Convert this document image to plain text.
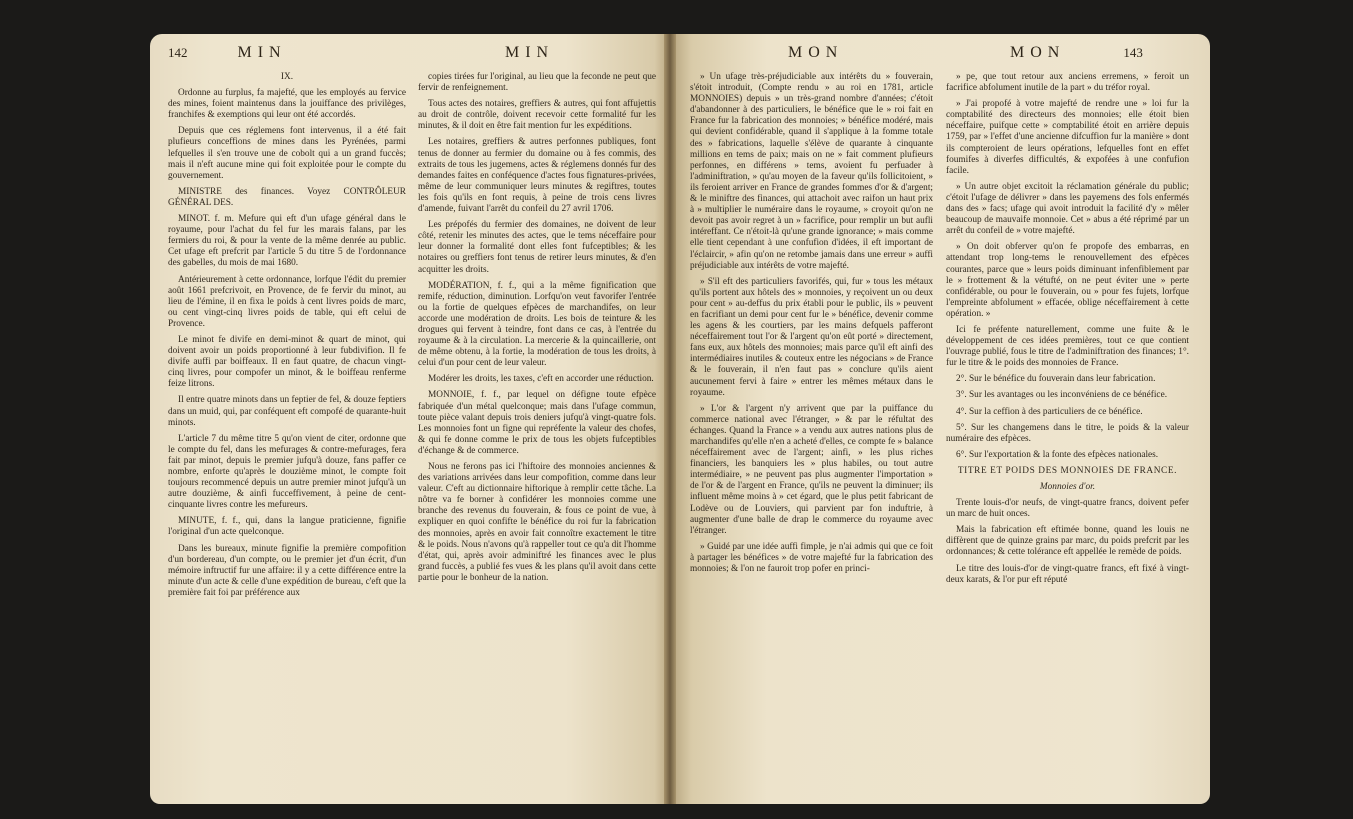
142	MIN	MIN	MON	MON	143

IX.

Ordonne au furplus, fa majefté, que les employés au fervice des mines, foient maintenus dans la jouiffance des privilèges, franchifes & exemptions qui leur ont été accordés.

Depuis que ces réglemens font intervenus, il a été fait plufieurs conceffions de mines dans les Pyrénées, parmi lefquelles il s'en trouve une de cobolt qui a un grand fuccès; mais il n'eft aucune mine qui foit exploitée pour le compte du gouvernement.

MINISTRE des finances. Voyez CONTRÔLEUR GÉNÉRAL DES.

MINOT. f. m. Mefure qui eft d'un ufage général dans le royaume, pour l'achat du fel fur les marais falans, par les fermiers du roi, & pour la vente de la même denrée au public. Cet ufage eft prefcrit par l'article 5 du titre 5 de l'ordonnance des gabelles, du mois de mai 1680.

Antérieurement à cette ordonnance, lorfque l'édit du premier août 1661 prefcrivoit, en Provence, de fe fervir du minot, au lieu de l'émine, il en fixa le poids à cent livres poids de marc, ou cent vingt-cinq livres poids de table, qui eft celui de Provence.

Le minot fe divife en demi-minot & quart de minot, qui doivent avoir un poids proportionné à leur fubdivifion. Il fe divife auffi par boiffeaux. Il en faut quatre, de chacun vingt-cinq livres, pour compofer un minot, & le boiffeau renferme feize litrons.

Il entre quatre minots dans un feptier de fel, & douze feptiers dans un muid, qui, par conféquent eft compofé de quarante-huit minots.

L'article 7 du même titre 5 qu'on vient de citer, ordonne que le compte du fel, dans les mefurages & contre-mefurages, fera fait par minot, depuis le premier jufqu'à douze, fans paffer ce nombre, enforte qu'après le douzième minot, le compte foit toujours recommencé depuis un autre premier minot jufqu'à un autre douzième, & ainfi fucceffivement, à peine de cent-cinquante livres contre les mefureurs.

MINUTE, f. f., qui, dans la langue praticienne, fignifie l'original d'un acte quelconque.

Dans les bureaux, minute fignifie la première compofition d'un bordereau, d'un compte, ou le premier jet d'un écrit, d'un mémoire inftructif fur une affaire: il y a cette différence entre la minute d'un acte & celle d'une expédition de bureau, c'eft que la première fait foi par préférence aux

copies tirées fur l'original, au lieu que la feconde ne peut que fervir de renfeignement.

Tous actes des notaires, greffiers & autres, qui font affujettis au droit de contrôle, doivent recevoir cette formalité fur les minutes, & il doit en être fait mention fur les expéditions.

Les notaires, greffiers & autres perfonnes publiques, font tenus de donner au fermier du domaine ou à fes commis, des extraits de tous les jugemens, actes & réglemens donnés fur des demandes faites en conféquence d'actes fous fignatures-privées, même de leur communiquer leurs minutes & regiftres, toutes les fois qu'ils en font requis, à peine de trois cens livres d'amende, fuivant l'arrêt du confeil du 27 avril 1706.

Les prépofés du fermier des domaines, ne doivent de leur côté, retenir les minutes des actes, que le tems néceffaire pour leur donner la formalité dont elles font fufceptibles; & les notaires ou greffiers font tenus de retirer leurs minutes, & d'en acquitter les droits.

MODÉRATION, f. f., qui a la même fignification que remife, réduction, diminution. Lorfqu'on veut favorifer l'entrée ou la fortie de quelques efpèces de marchandifes, on leur accorde une modération de droits. Les bois de teinture & les drogues qui fervent à teindre, font dans ce cas, à l'entrée du royaume & à la circulation. La mercerie & la quincaillerie, ont de même obtenu, à la fortie, la modération de tous les droits, à celui d'un pour cent de leur valeur.

Modérer les droits, les taxes, c'eft en accorder une réduction.

MONNOIE, f. f., par lequel on défigne toute efpèce fabriquée d'un métal quelconque; mais dans l'ufage commun, toute pièce valant depuis trois deniers jufqu'à vingt-quatre fols. Les monnoies font un figne qui repréfente la valeur des chofes, & qui fe donne comme le prix de tous les objets fufceptibles d'échange & de commerce.

Nous ne ferons pas ici l'hiftoire des monnoies anciennes & des variations arrivées dans leur compofition, comme dans leur valeur. C'eft au dictionnaire hiftorique à remplir cette tâche. La nôtre va fe borner à confidérer les monnoies comme une branche des revenus du fouverain, & fous ce point de vue, à expliquer en quoi confifte le bénéfice du roi fur la fabrication des monnoies, après en avoir fait connoître exactement le titre & le poids. Nous n'avons qu'à rappeller tout ce qu'a dit l'homme d'état, qui, après avoir adminiftré les finances avec le plus grand fuccès, a publié fes vues & les plans qu'il avoit dans cette partie pour le bonheur de la nation.

» Un ufage très-préjudiciable aux intérêts du » fouverain, s'étoit introduit, (Compte rendu » au roi en 1781, article MONNOIES) depuis » un très-grand nombre d'années; c'étoit d'abandonner à des particuliers, le bénéfice que le » roi fait en France fur la fabrication des monnoies; » bénéfice modéré, mais qui devient confidérable, quand il s'applique à la fomme totale des » fabrications, laquelle s'élève de quarante à cinquante millions en tems de paix; mais on ne » fait comment plufieurs perfonnes, en différens » tems, avoient fu perfuader à l'adminiftration, » qu'au moyen de la faveur qu'ils follicitoient, » ils feroient arriver en France de grandes fommes d'or & d'argent; & le miniftre des finances, qui attachoit avec raifon un haut prix à » multiplier le numéraire dans le royaume, » croyoit qu'on ne devoit pas avoir regret à un » facrifice, pour remplir un but aufli intéreffant. Ce n'étoit-là qu'une grande ignorance; » mais comme elle tient cependant à une confufion d'idées, il eft important de l'éclaircir, » afin qu'on ne retombe jamais dans une erreur » auffi préjudiciable aux intérêts de votre majefté.

» S'il eft des particuliers favorifés, qui, fur » tous les métaux qu'ils portent aux hôtels des » monnoies, y reçoivent un ou deux pour cent » au-deffus du prix établi pour le public, ils » peuvent en facrifiant un demi pour cent fur le » bénéfice, devenir comme les agens & les courtiers, par les mains defquels pafferont néceffairement tout l'or & l'argent qu'on eût porté » directement, fans eux, aux hôtels des monnoies; mais parce qu'il eft ainfi des intermédiaires inutiles & couteux entre les négocians » de France & le fouverain, il n'en faut pas » conclure qu'ils aient aucunement fervi à faire » entrer les mêmes métaux dans le royaume.

» L'or & l'argent n'y arrivent que par la puiffance du commerce national avec l'étranger, » & par le réfultat des échanges. Quand la France » a vendu aux autres nations plus de marchandifes qu'elle n'en a acheté d'elles, ce compte fe » balance néceffairement avec de l'argent; ainfi, » les plus riches financiers, les banquiers les » plus habiles, ou tout autre intermédiaire, » ne peuvent pas plus augmenter l'importation » de l'or & de l'argent en France, qu'ils ne peuvent la diminuer; ils influent même moins à » cet égard, que le plus petit fabricant de Lodève ou de Louviers, qui parvient par fon induftrie, à augmenter d'une balle de drap le commerce du royaume avec l'étranger.

» Guidé par une idée auffi fimple, je n'ai admis qui que ce foit à partager les bénéfices » de votre majefté fur la fabrication des monnoies; & l'on ne fauroit trop pofer en princi-

» pe, que tout retour aux anciens erremens, » feroit un facrifice abfolument inutile de la part » du tréfor royal.

» J'ai propofé à votre majefté de rendre une » loi fur la comptabilité des directeurs des monnoies; elle étoit bien néceffaire, puifque cette » comptabilité étoit en arrière depuis 1759, par » l'effet d'une ancienne difcuffion fur la manière » dont ils compteroient de leurs opérations, lefquelles font en effet foumifes à diverfes difficultés, & expofées à une confufion facile.

» Un autre objet excitoit la réclamation générale du public; c'étoit l'ufage de délivrer » dans les payemens des fols enfermés dans des » facs; ufage qui avoit introduit la facilité d'y » mêler beaucoup de mauvaife monnoie. Cet » abus a été réprimé par un arrêt du confeil de » votre majefté.

» On doit obferver qu'on fe propofe des embarras, en attendant trop long-tems le renouvellement des efpèces courantes, parce que » leurs poids diminuant infenfiblement par le » frottement & la vétufté, on ne peut éviter une » perte confidérable, ou pour le fouverain, ou » pour fes fujets, lorfque l'empreinte abfolument » effacée, oblige néceffairement à cette opération. »

Ici fe préfente naturellement, comme une fuite & le développement de ces idées premières, tout ce que contient l'ouvrage publié, fous le titre de l'adminiftration des finances; 1°. fur le titre & le poids des monnoies de France.

2°. Sur le bénéfice du fouverain dans leur fabrication.

3°. Sur les avantages ou les inconvéniens de ce bénéfice.

4°. Sur la ceffion à des particuliers de ce bénéfice.

5°. Sur les changemens dans le titre, le poids & la valeur numéraire des efpèces.

6°. Sur l'exportation & la fonte des efpèces nationales.

TITRE ET POIDS DES MONNOIES DE FRANCE.

Monnoies d'or.

Trente louis-d'or neufs, de vingt-quatre francs, doivent pefer un marc de huit onces.

Mais la fabrication eft eftimée bonne, quand les louis ne diffèrent que de quinze grains par marc, du poids prefcrit par les ordonnances; & cette tolérance eft appellée le remède de poids.

Le titre des louis-d'or de vingt-quatre francs, eft fixé à vingt-deux karats, & l'or pur eft réputé
